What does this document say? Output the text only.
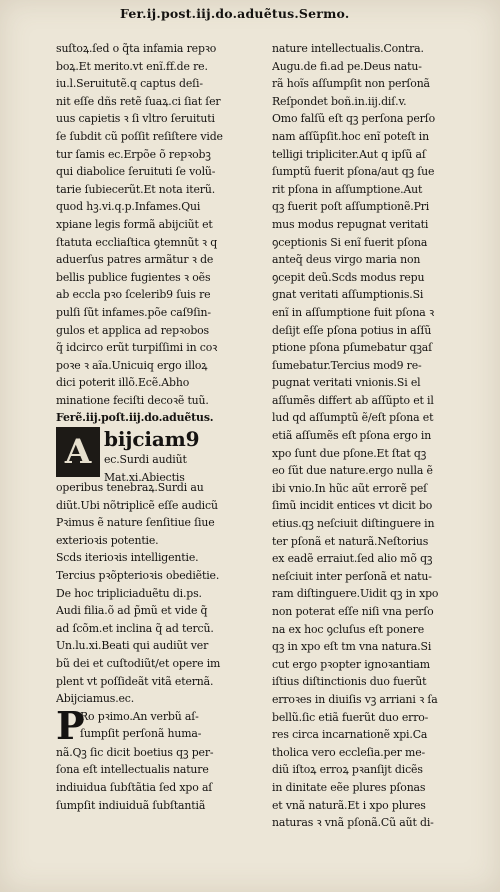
Fer.ij.post.iij.do.aduẽtus.Sermo.
suſtoꝝ.ſed o q̃ta infamia repꝛo
boꝝ.Et merito.vt enĩ.ff.de re.
iu.l.Seruitutẽ.q captus deſi-
nit eſſe dñs retẽ ſuaꝝ.ci ſiat ſer
uus capietis ꝛ ſi vltro ſeruituti
ſe ſubdit cũ poſſit reſiſtere vide
tur ſamis ec.Erpõe õ repꝛobꝫ
qui diabolice ſeruituti ſe volũ-
tarie ſubiecerũt.Et nota iterũ.
quod hꝫ.vi.q.p.Infames.Qui
xpiane legis formã abijciũt et
ſtatuta eccliaſtica ꝯtemnũt ꝛ q
aduerſus patres armãtur ꝛ de
bellis publice fugientes ꝛ oẽs
ab eccla pꝛo ſcelerib9 ſuis re
pulſi ſũt infames.põe caſ9ſin-
gulos et applica ad repꝛobos
q̃ idcirco erũt turpiſſimi in coꝛ
poꝛe ꝛ aĩa.Unicuiq ergo illoꝝ
dici poterit illõ.Ecẽ.Abho
minatione feciſti decoꝛẽ tuũ.
Ferẽ.iij.poſt.iij.do.aduẽtus.
A bijciam9
ec.Surdi audiũt
Mat.xi.Abiectis
operibus tenebraꝝ.Surdi au
diũt.Ubi nõtriplicẽ eſſe audicũ
Pꝛimus ẽ nature ſenſitiue ſiue
exterioꝛis potentie.
Scds iterioꝛis intelligentie.
Tercius pꝛõpterioꝛis obediẽtie.
De hoc tripliciaduẽtu di.ps.
Audi filia.õ ad p̃mũ et vide q̃
ad ſcõm.et inclina q̃ ad tercũ.
Un.lu.xi.Beati qui audiũt ver
bũ dei et cuſtodiũt/et opere im
plent vt poſſideãt vitã eternã.
Abijciamus.ec.
P
Ro pꝛimo.An verbũ aſ-
ſumpſit perſonã huma-
nã.Qꝫ ſic dicit boetius qꝫ per-
ſona eſt intellectualis nature
indiuidua ſubſtãtia ſed xpo aſ
ſumpſit indiuiduã ſubſtantiã
nature intellectualis.Contra.
Augu.de fi.ad pe.Deus natu-
rã hoĩs aſſumpſit non perſonã
Reſpondet boñ.in.iij.diſ.v.
Omo falſũ eſt qꝫ perſona perſo
nam aſſũpſit.hoc enĩ poteſt in
telligi tripliciter.Aut q ipſũ aſ
ſumptũ fuerit pſona/aut qꝫ ſue
rit pſona in aſſumptione.Aut
qꝫ fuerit poſt aſſumptionẽ.Pri
mus modus repugnat veritati
ꝯceptionis Si enĩ fuerit pſona
anteq̃ deus virgo maria non
ꝯcepit deũ.Scds modus repu
gnat veritati aſſumptionis.Si
enĩ in aſſumptione fuit pſona ꝛ
deſijt eſſe pſona potius in aſſũ
ptione pſona pſumebatur qꝫaſ
ſumebatur.Tercius mod9 re-
pugnat veritati vnionis.Si el
aſſumẽs differt ab aſſũpto et il
lud qd aſſumptũ ẽ/eſt pſona et
etiã aſſumẽs eſt pſona ergo in
xpo ſunt due pſone.Et ſtat qꝫ
eo ſũt due nature.ergo nulla ẽ
ibi vnio.In hũc aũt errorẽ peſ
ſimũ incidit entices vt dicit bo
etius.qꝫ neſciuit diſtinguere in
ter pſonã et naturã.Neſtorius
ex eadẽ erraiut.ſed alio mõ qꝫ
neſciuit inter perſonã et natu-
ram diſtinguere.Uidit qꝫ in xpo
non poterat eſſe niſi vna perſo
na ex hoc ꝯcluſus eſt ponere
qꝫ in xpo eſt tm vna natura.Si
cut ergo pꝛopter ignoꝛantiam
iſtius diſtinctionis duo fuerũt
erroꝛes in diuiſis vꝫ arriani ꝛ ſa
bellũ.ſic etiã fuerũt duo erro-
res circa incarnationẽ xpi.Ca
tholica vero eccleſia.per me-
diũ iſtoꝝ erroꝝ pꝛanſijt dicẽs
in dinitate eẽe plures pſonas
et vnã naturã.Et i xpo plures
naturas ꝛ vnã pſonã.Cũ aũt di-
